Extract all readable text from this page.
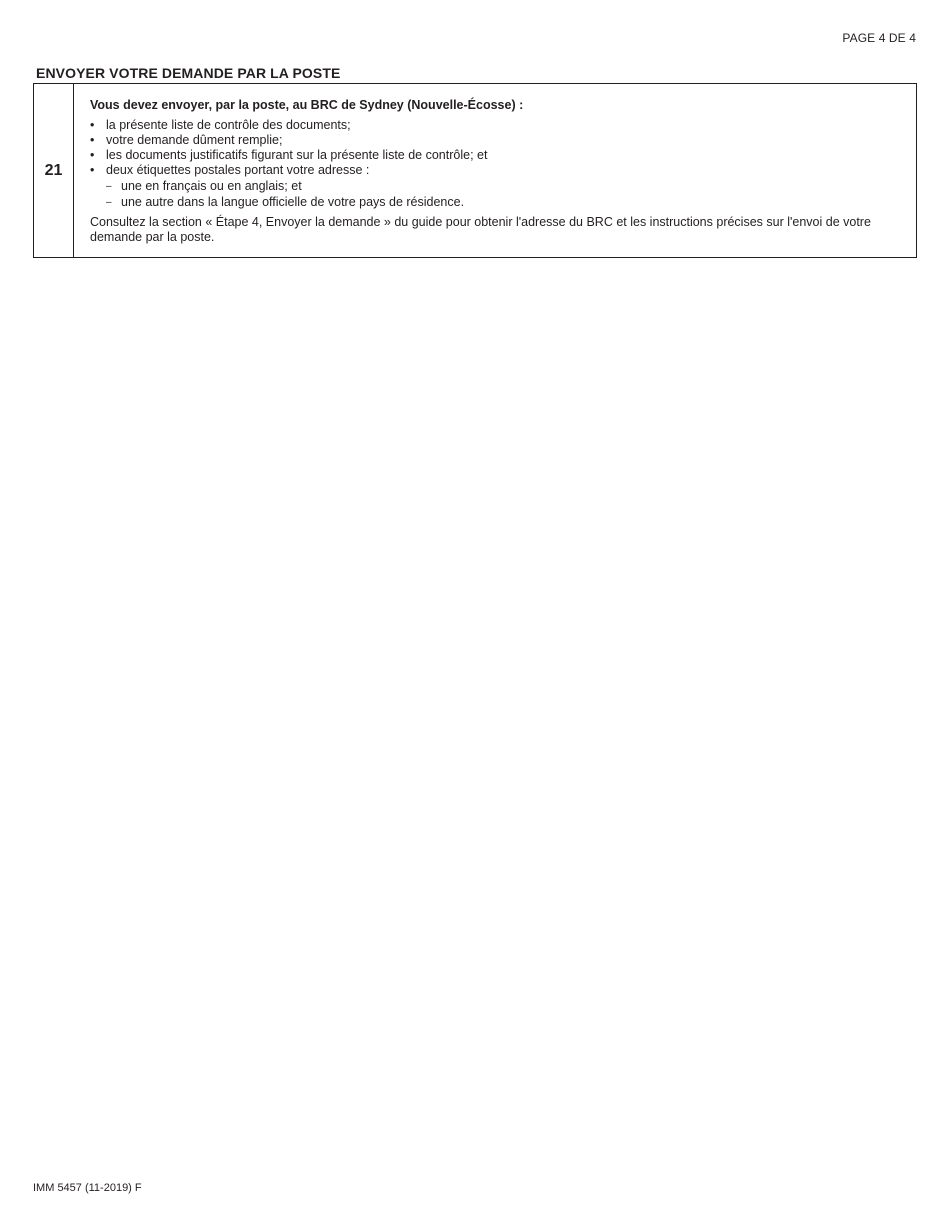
PAGE 4 DE 4
ENVOYER VOTRE DEMANDE PAR LA POSTE
21

Vous devez envoyer, par la poste, au BRC de Sydney (Nouvelle-Écosse) :

• la présente liste de contrôle des documents;
• votre demande dûment remplie;
• les documents justificatifs figurant sur la présente liste de contrôle; et
• deux étiquettes postales portant votre adresse :
– une en français ou en anglais; et
– une autre dans la langue officielle de votre pays de résidence.

Consultez la section « Étape 4, Envoyer la demande » du guide pour obtenir l'adresse du BRC et les instructions précises sur l'envoi de votre demande par la poste.

IMM 5457 (11-2019) F
